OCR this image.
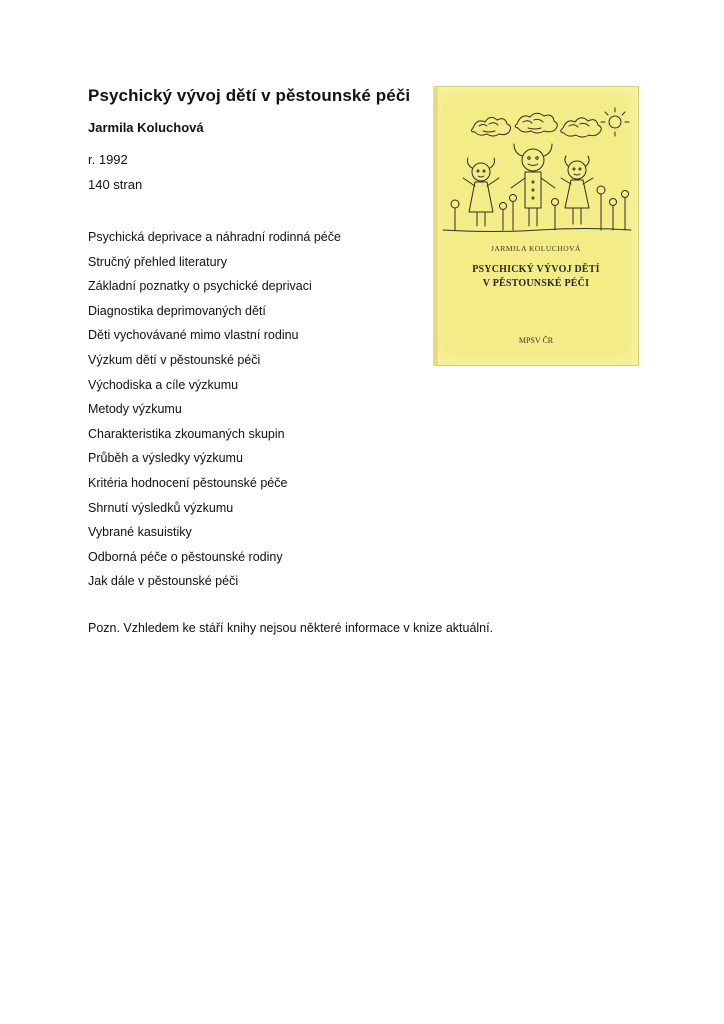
Psychický vývoj dětí v pěstounské péči
Jarmila Koluchová
r. 1992
140 stran
Psychická deprivace a náhradní rodinná péče
Stručný přehled literatury
Základní poznatky o psychické deprivaci
Diagnostika deprimovaných dětí
Děti vychovávané mimo vlastní rodinu
Výzkum dětí v pěstounské péči
Východiska a cíle výzkumu
Metody výzkumu
Charakteristika zkoumaných skupin
Průběh a výsledky výzkumu
Kritéria hodnocení pěstounské péče
Shrnutí výsledků výzkumu
Vybrané kasuistiky
Odborná péče o pěstounské rodiny
Jak dále v pěstounské péči
Pozn. Vzhledem ke stáří knihy nejsou některé informace v knize aktuální.
JARMILA KOLUCHOVÁ
PSYCHICKÝ VÝVOJ DĚTÍ
V PĚSTOUNSKÉ PÉČI
MPSV ČR
